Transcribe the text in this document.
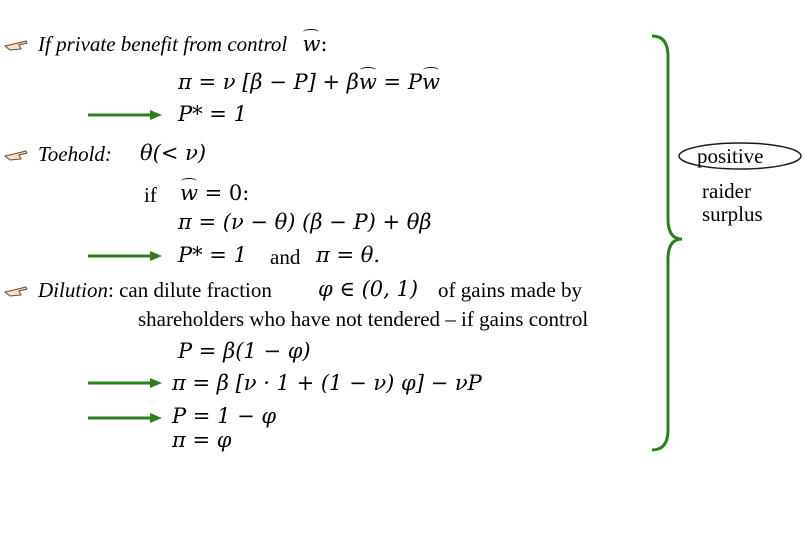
If private benefit from control w:
π = ν [β − P] + βw = Pw
P* = 1
Toehold: θ(< ν)
if w = 0:
π = (ν − θ) (β − P) + θβ
P* = 1 and π = θ.
Dilution: can dilute fraction φ ∈ (0, 1) of gains made by
shareholders who have not tendered – if gains control
P = β(1 − φ)
π = β [ν · 1 + (1 − ν) φ] − νP
P = 1 − φ
π = φ
positive
raider
surplus
